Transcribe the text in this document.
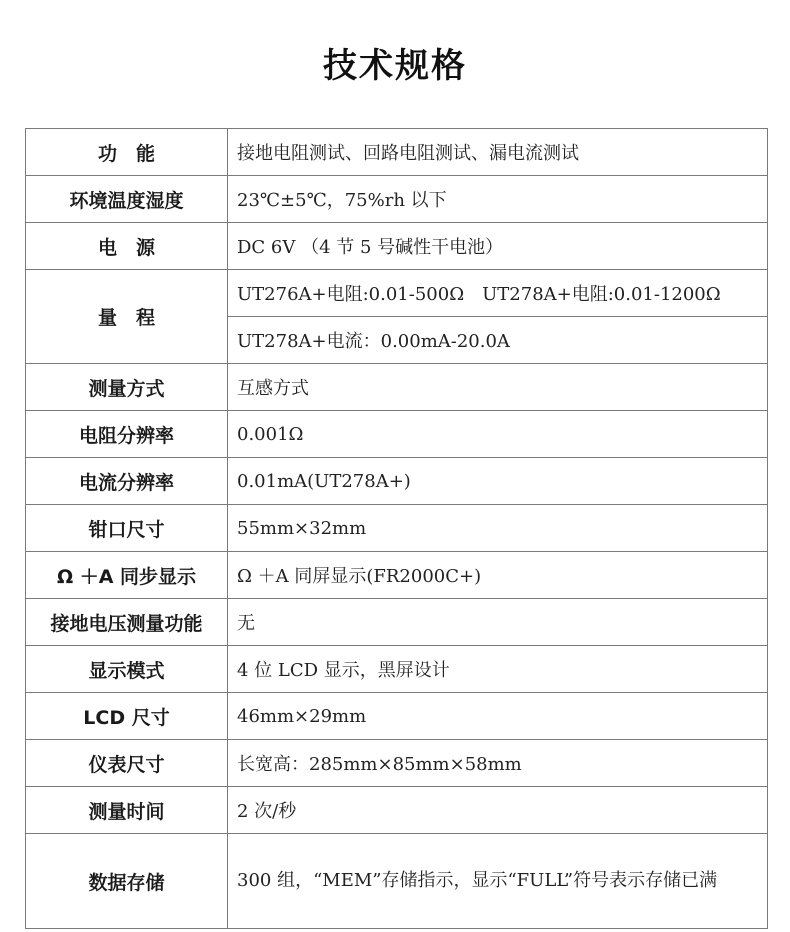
技术规格
功　能	接地电阻测试、回路电阻测试、漏电流测试
环境温度湿度	23℃±5℃，75%rh 以下
电　源	DC 6V （4 节 5 号碱性干电池）
量　程	UT276A+电阻:0.01-500Ω　UT278A+电阻:0.01-1200Ω
	UT278A+电流：0.00mA-20.0A
测量方式	互感方式
电阻分辨率	0.001Ω
电流分辨率	0.01mA(UT278A+)
钳口尺寸	55mm×32mm
Ω ＋A 同步显示	Ω ＋A 同屏显示(FR2000C+)
接地电压测量功能	无
显示模式	4 位 LCD 显示，黑屏设计
LCD 尺寸	46mm×29mm
仪表尺寸	长宽高：285mm×85mm×58mm
测量时间	2 次/秒
数据存储	300 组，“MEM”存储指示，显示“FULL”符号表示存储已满
